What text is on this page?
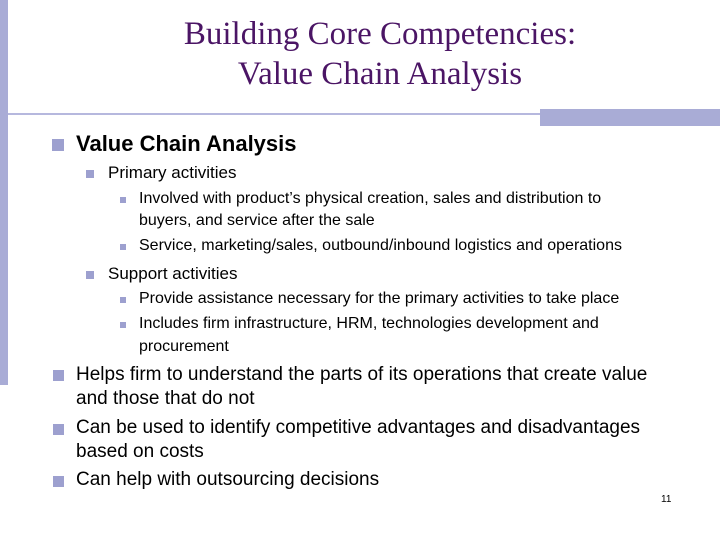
Building Core Competencies:
Value Chain Analysis
Value Chain Analysis
Primary activities
Involved with product’s physical creation, sales and distribution to
buyers, and service after the sale
Service, marketing/sales, outbound/inbound logistics and operations
Support activities
Provide assistance necessary for the primary activities to take place
Includes firm infrastructure, HRM, technologies development and
procurement
Helps firm to understand the parts of its operations that create value
and those that do not
Can be used to identify competitive advantages and disadvantages
based on costs
Can help with outsourcing decisions
11
